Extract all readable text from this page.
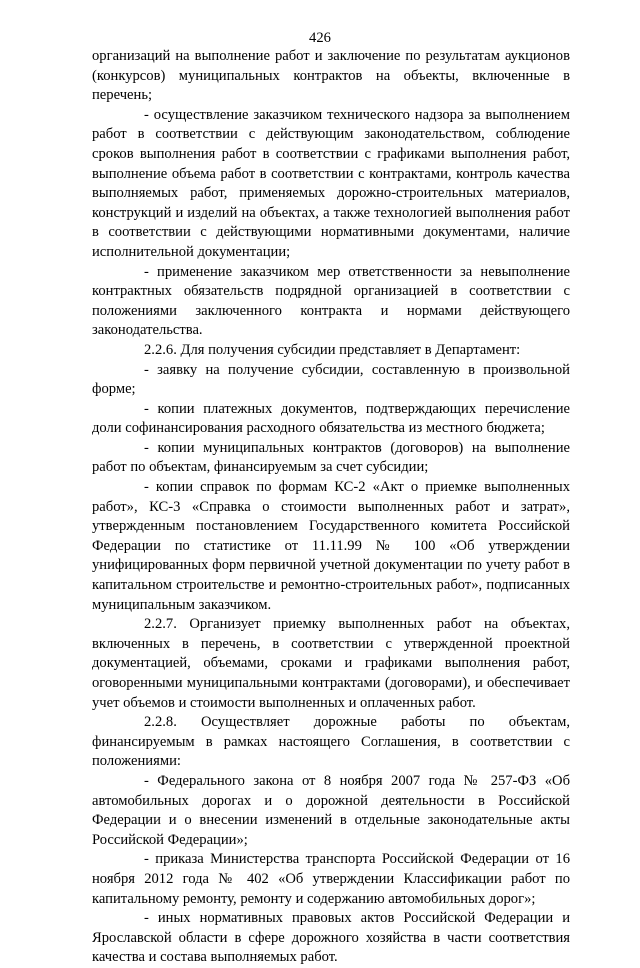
426

организаций на выполнение работ и заключение по результатам аукционов (конкурсов) муниципальных контрактов на объекты, включенные в перечень;

- осуществление заказчиком технического надзора за выполнением работ в соответствии с действующим законодательством, соблюдение сроков выполнения работ в соответствии с графиками выполнения работ, выполнение объема работ в соответствии с контрактами, контроль качества выполняемых работ, применяемых дорожно-строительных материалов, конструкций и изделий на объектах, а также технологией выполнения работ в соответствии с действующими нормативными документами, наличие исполнительной документации;

- применение заказчиком мер ответственности за невыполнение контрактных обязательств подрядной организацией в соответствии с положениями заключенного контракта и нормами действующего законодательства.

2.2.6. Для получения субсидии представляет в Департамент:

- заявку на получение субсидии, составленную в произвольной форме;

- копии платежных документов, подтверждающих перечисление доли софинансирования расходного обязательства из местного бюджета;

- копии муниципальных контрактов (договоров) на выполнение работ по объектам, финансируемым за счет субсидии;

- копии справок по формам КС-2 «Акт о приемке выполненных работ», КС-3 «Справка о стоимости выполненных работ и затрат», утвержденным постановлением Государственного комитета Российской Федерации по статистике от 11.11.99 № 100 «Об утверждении унифицированных форм первичной учетной документации по учету работ в капитальном строительстве и ремонтно-строительных работ», подписанных муниципальным заказчиком.

2.2.7. Организует приемку выполненных работ на объектах, включенных в перечень, в соответствии с утвержденной проектной документацией, объемами, сроками и графиками выполнения работ, оговоренными муниципальными контрактами (договорами), и обеспечивает учет объемов и стоимости выполненных и оплаченных работ.

2.2.8. Осуществляет дорожные работы по объектам, финансируемым в рамках настоящего Соглашения, в соответствии с положениями:

- Федерального закона от 8 ноября 2007 года № 257-ФЗ «Об автомобильных дорогах и о дорожной деятельности в Российской Федерации и о внесении изменений в отдельные законодательные акты Российской Федерации»;

- приказа Министерства транспорта Российской Федерации от 16 ноября 2012 года № 402 «Об утверждении Классификации работ по капитальному ремонту, ремонту и содержанию автомобильных дорог»;

- иных нормативных правовых актов Российской Федерации и Ярославской области в сфере дорожного хозяйства в части соответствия качества и состава выполняемых работ.
